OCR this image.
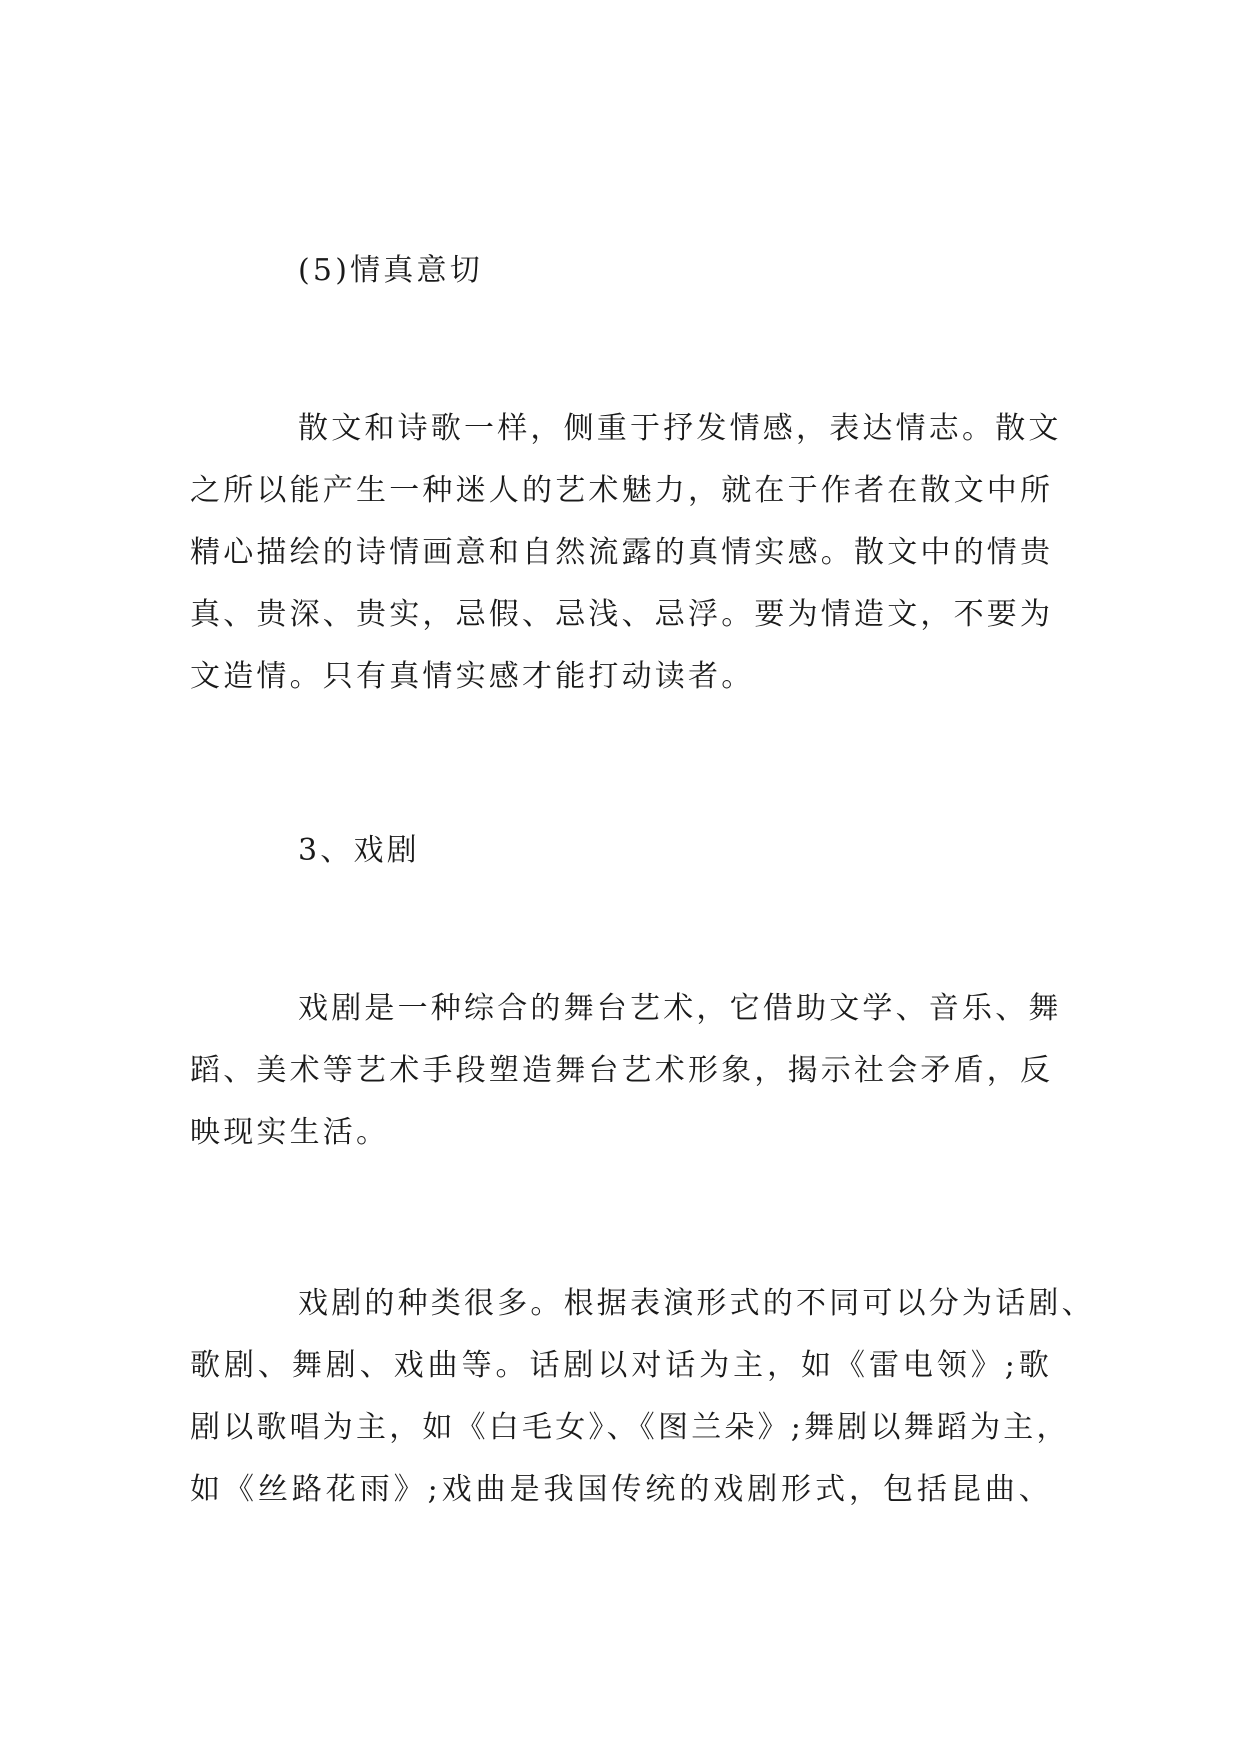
(5)情真意切

散文和诗歌一样，侧重于抒发情感，表达情志。散文
之所以能产生一种迷人的艺术魅力，就在于作者在散文中所
精心描绘的诗情画意和自然流露的真情实感。散文中的情贵
真、贵深、贵实，忌假、忌浅、忌浮。要为情造文，不要为
文造情。只有真情实感才能打动读者。

3、戏剧

戏剧是一种综合的舞台艺术，它借助文学、音乐、舞
蹈、美术等艺术手段塑造舞台艺术形象，揭示社会矛盾，反
映现实生活。
戏剧的种类很多。根据表演形式的不同可以分为话剧、
歌剧、舞剧、戏曲等。话剧以对话为主，如《雷电领》;歌
剧以歌唱为主，如《白毛女》、《图兰朵》;舞剧以舞蹈为主，
如《丝路花雨》;戏曲是我国传统的戏剧形式，包括昆曲、
